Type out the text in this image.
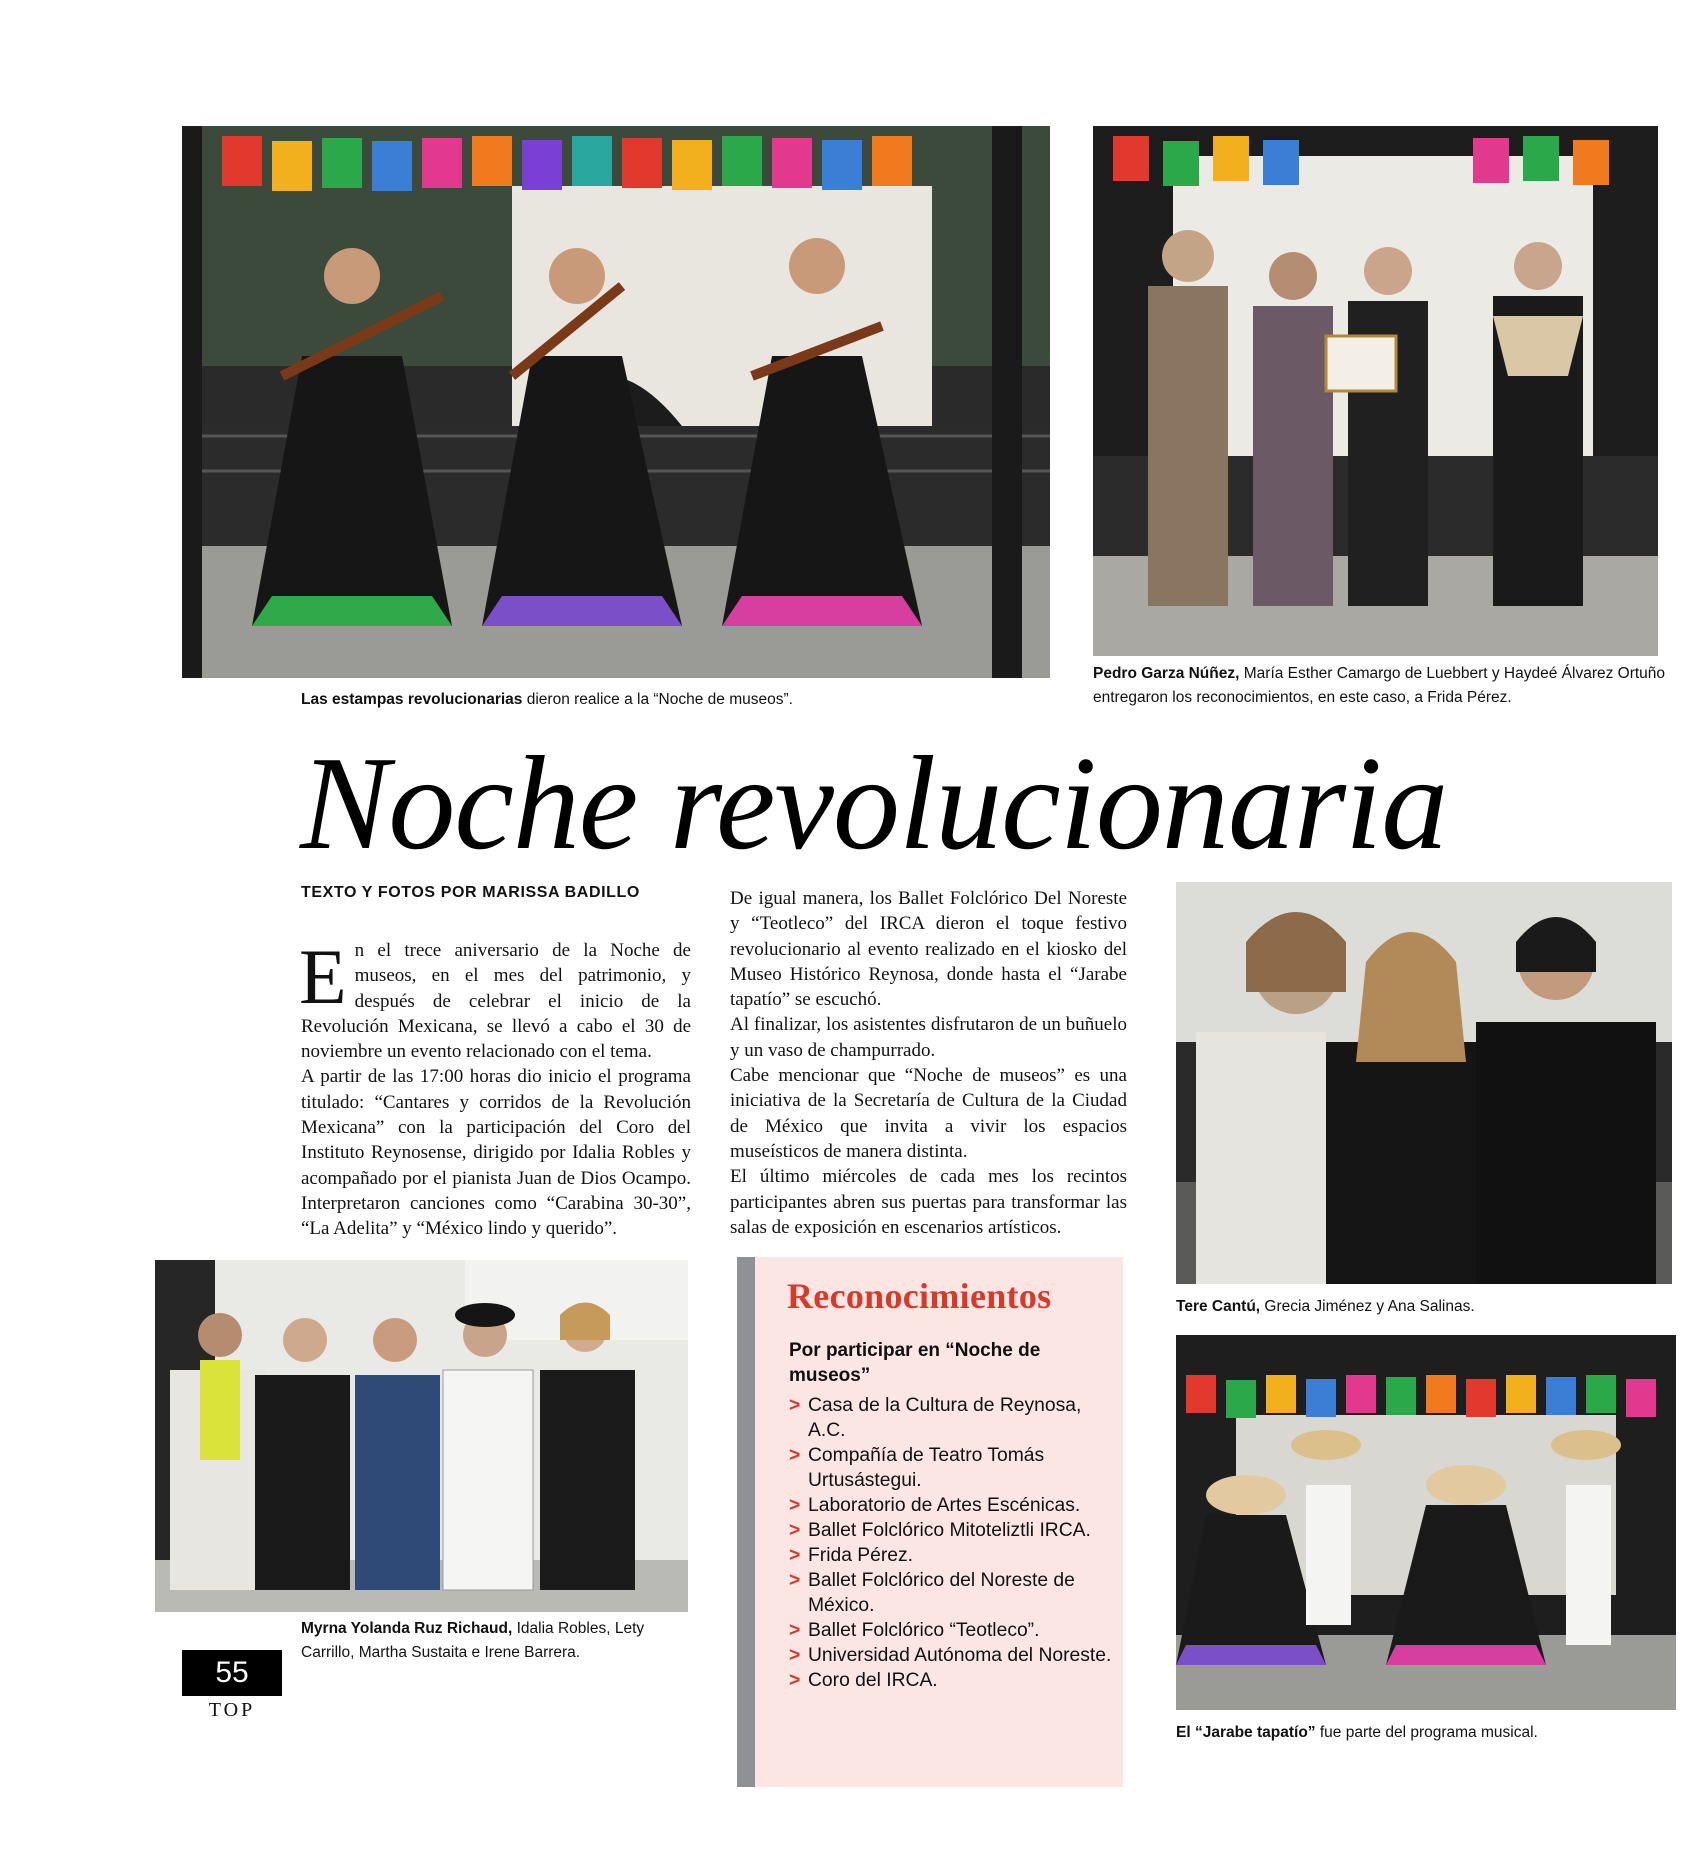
Las estampas revolucionarias dieron realice a la “Noche de museos”.
Pedro Garza Núñez, María Esther Camargo de Luebbert y Haydeé Álvarez Ortuño entregaron los reconocimientos, en este caso, a Frida Pérez.
Noche revolucionaria
TEXTO Y FOTOS POR MARISSA BADILLO

En el trece aniversario de la Noche de museos, en el mes del patrimonio, y después de celebrar el inicio de la Revolución Mexicana, se llevó a cabo el 30 de noviembre un evento relacionado con el tema.

A partir de las 17:00 horas dio inicio el programa titulado: “Cantares y corridos de la Revolución Mexicana” con la participación del Coro del Instituto Reynosense, dirigido por Idalia Robles y acompañado por el pianista Juan de Dios Ocampo. Interpretaron canciones como “Carabina 30-30”, “La Adelita” y “México lindo y querido”.

De igual manera, los Ballet Folclórico Del Noreste y “Teotleco” del IRCA dieron el toque festivo revolucionario al evento realizado en el kiosko del Museo Histórico Reynosa, donde hasta el “Jarabe tapatío” se escuchó.

Al finalizar, los asistentes disfrutaron de un buñuelo y un vaso de champurrado.

Cabe mencionar que “Noche de museos” es una iniciativa de la Secretaría de Cultura de la Ciudad de México que invita a vivir los espacios museísticos de manera distinta.

El último miércoles de cada mes los recintos participantes abren sus puertas para transformar las salas de exposición en escenarios artísticos.

Tere Cantú, Grecia Jiménez y Ana Salinas.
Myrna Yolanda Ruz Richaud, Idalia Robles, Lety Carrillo, Martha Sustaita e Irene Barrera.
Reconocimientos
Por participar en “Noche de museos”
> Casa de la Cultura de Reynosa, A.C.
> Compañía de Teatro Tomás Urtusástegui.
> Laboratorio de Artes Escénicas.
> Ballet Folclórico Mitoteliztli IRCA.
> Frida Pérez.
> Ballet Folclórico del Noreste de México.
> Ballet Folclórico “Teotleco”.
> Universidad Autónoma del Noreste.
> Coro del IRCA.
El “Jarabe tapatío” fue parte del programa musical.
55
TOP
